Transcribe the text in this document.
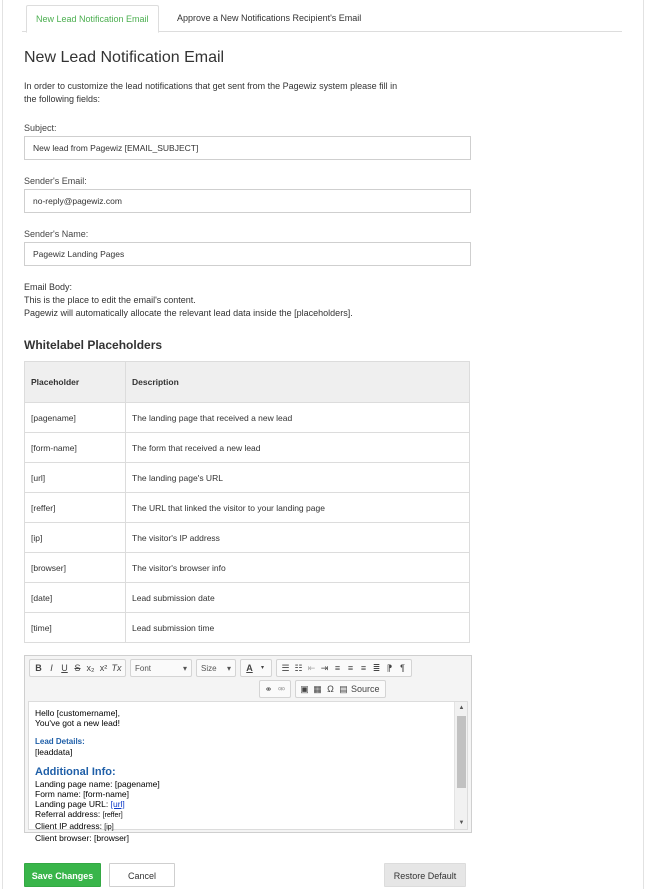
New Lead Notification Email	Approve a New Notifications Recipient's Email
New Lead Notification Email
In order to customize the lead notifications that get sent from the Pagewiz system please fill in
the following fields:
Subject:
New lead from Pagewiz [EMAIL_SUBJECT]
Sender's Email:
no-reply@pagewiz.com
Sender's Name:
Pagewiz Landing Pages
Email Body:
This is the place to edit the email's content.
Pagewiz will automatically allocate the relevant lead data inside the [placeholders].
Whitelabel Placeholders
Placeholder	Description
[pagename]	The landing page that received a new lead
[form-name]	The form that received a new lead
[url]	The landing page's URL
[reffer]	The URL that linked the visitor to your landing page
[ip]	The visitor's IP address
[browser]	The visitor's browser info
[date]	Lead submission date
[time]	Lead submission time
B I U S x₂ x² Tx Font	▾ Size ▾	A	▾	☰ ☷ ⇤ ⇥ ≡ ≡ ≡ ≣ ⁋ ¶
⚭ ⚮	▣ ▦ Ω ▤ Source
Hello [customername],
You've got a new lead!
Lead Details:
[leaddata]
Additional Info:
Landing page name: [pagename]
Form name: [form-name]
Landing page URL: [url]
Referral address: [reffer]
Client IP address: [ip]
Client browser: [browser]
▲
▼
Save Changes	Cancel	Restore Default
